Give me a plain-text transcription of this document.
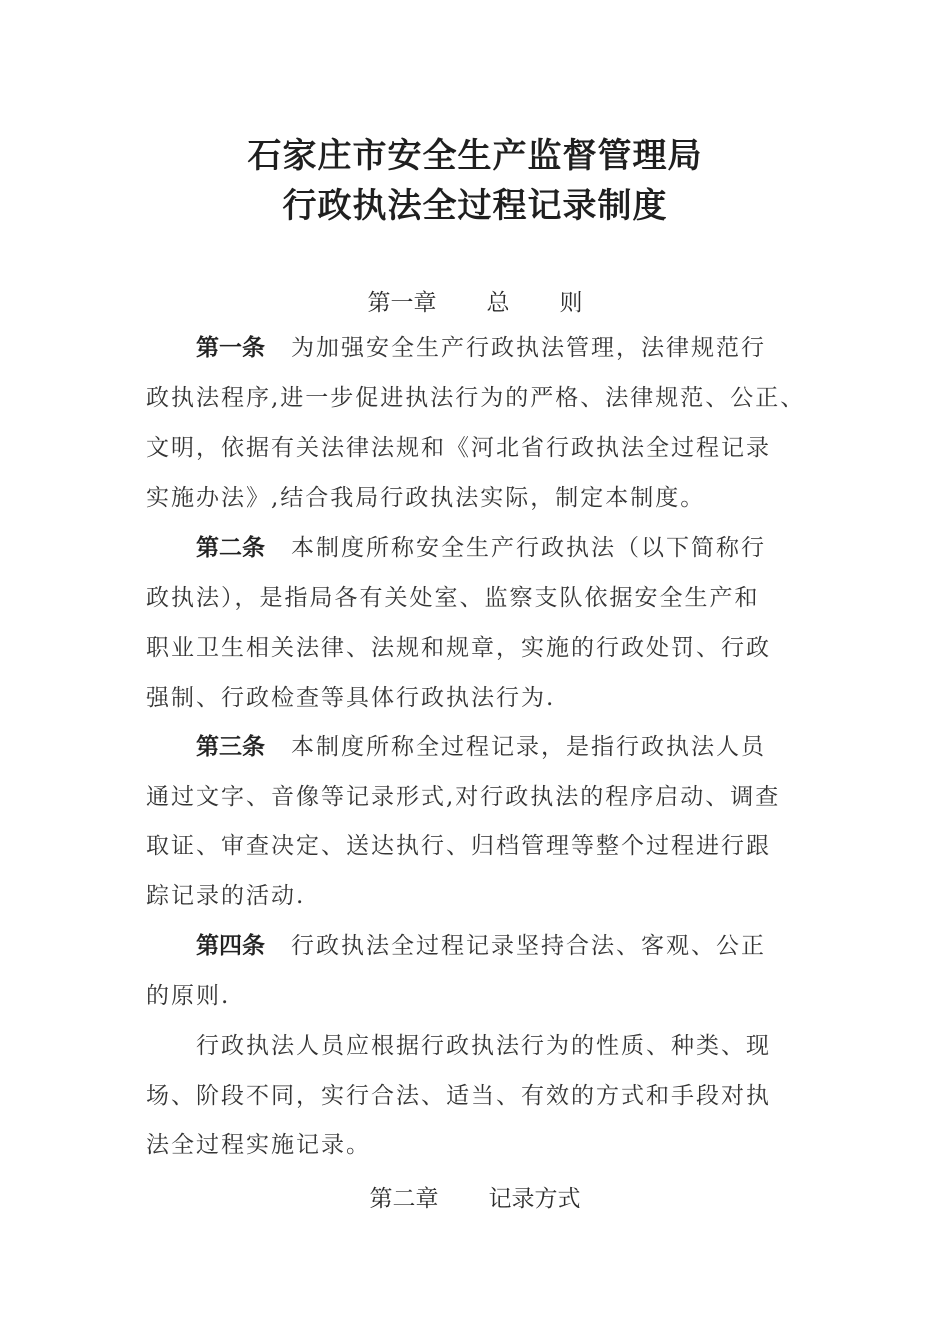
石家庄市安全生产监督管理局
行政执法全过程记录制度
第一章 总 则
第一条 为加强安全生产行政执法管理，法律规范行
政执法程序,进一步促进执法行为的严格、法律规范、公正、
文明，依据有关法律法规和《河北省行政执法全过程记录
实施办法》,结合我局行政执法实际，制定本制度。
第二条 本制度所称安全生产行政执法（以下简称行
政执法），是指局各有关处室、监察支队依据安全生产和
职业卫生相关法律、法规和规章，实施的行政处罚、行政
强制、行政检查等具体行政执法行为.
第三条 本制度所称全过程记录，是指行政执法人员
通过文字、音像等记录形式,对行政执法的程序启动、调查
取证、审查决定、送达执行、归档管理等整个过程进行跟
踪记录的活动.
第四条 行政执法全过程记录坚持合法、客观、公正
的原则.
行政执法人员应根据行政执法行为的性质、种类、现
场、阶段不同，实行合法、适当、有效的方式和手段对执
法全过程实施记录。
第二章 记录方式
